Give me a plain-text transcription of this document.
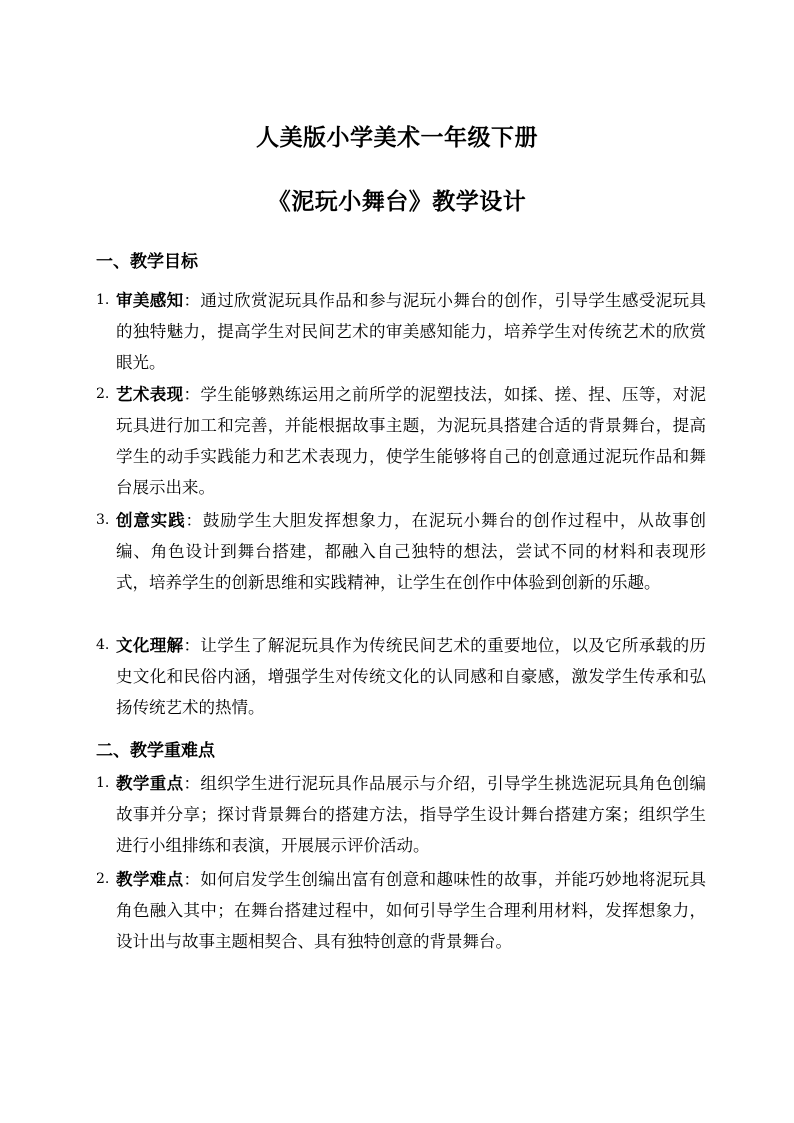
人美版小学美术一年级下册
《泥玩小舞台》教学设计
一、教学目标
1. 审美感知：通过欣赏泥玩具作品和参与泥玩小舞台的创作，引导学生感受泥玩具的独特魅力，提高学生对民间艺术的审美感知能力，培养学生对传统艺术的欣赏眼光。
2. 艺术表现：学生能够熟练运用之前所学的泥塑技法，如揉、搓、捏、压等，对泥玩具进行加工和完善，并能根据故事主题，为泥玩具搭建合适的背景舞台，提高学生的动手实践能力和艺术表现力，使学生能够将自己的创意通过泥玩作品和舞台展示出来。
3. 创意实践：鼓励学生大胆发挥想象力，在泥玩小舞台的创作过程中，从故事创编、角色设计到舞台搭建，都融入自己独特的想法，尝试不同的材料和表现形式，培养学生的创新思维和实践精神，让学生在创作中体验到创新的乐趣。
4. 文化理解：让学生了解泥玩具作为传统民间艺术的重要地位，以及它所承载的历史文化和民俗内涵，增强学生对传统文化的认同感和自豪感，激发学生传承和弘扬传统艺术的热情。
二、教学重难点
1. 教学重点：组织学生进行泥玩具作品展示与介绍，引导学生挑选泥玩具角色创编故事并分享；探讨背景舞台的搭建方法，指导学生设计舞台搭建方案；组织学生进行小组排练和表演，开展展示评价活动。
2. 教学难点：如何启发学生创编出富有创意和趣味性的故事，并能巧妙地将泥玩具角色融入其中；在舞台搭建过程中，如何引导学生合理利用材料，发挥想象力，设计出与故事主题相契合、具有独特创意的背景舞台。
